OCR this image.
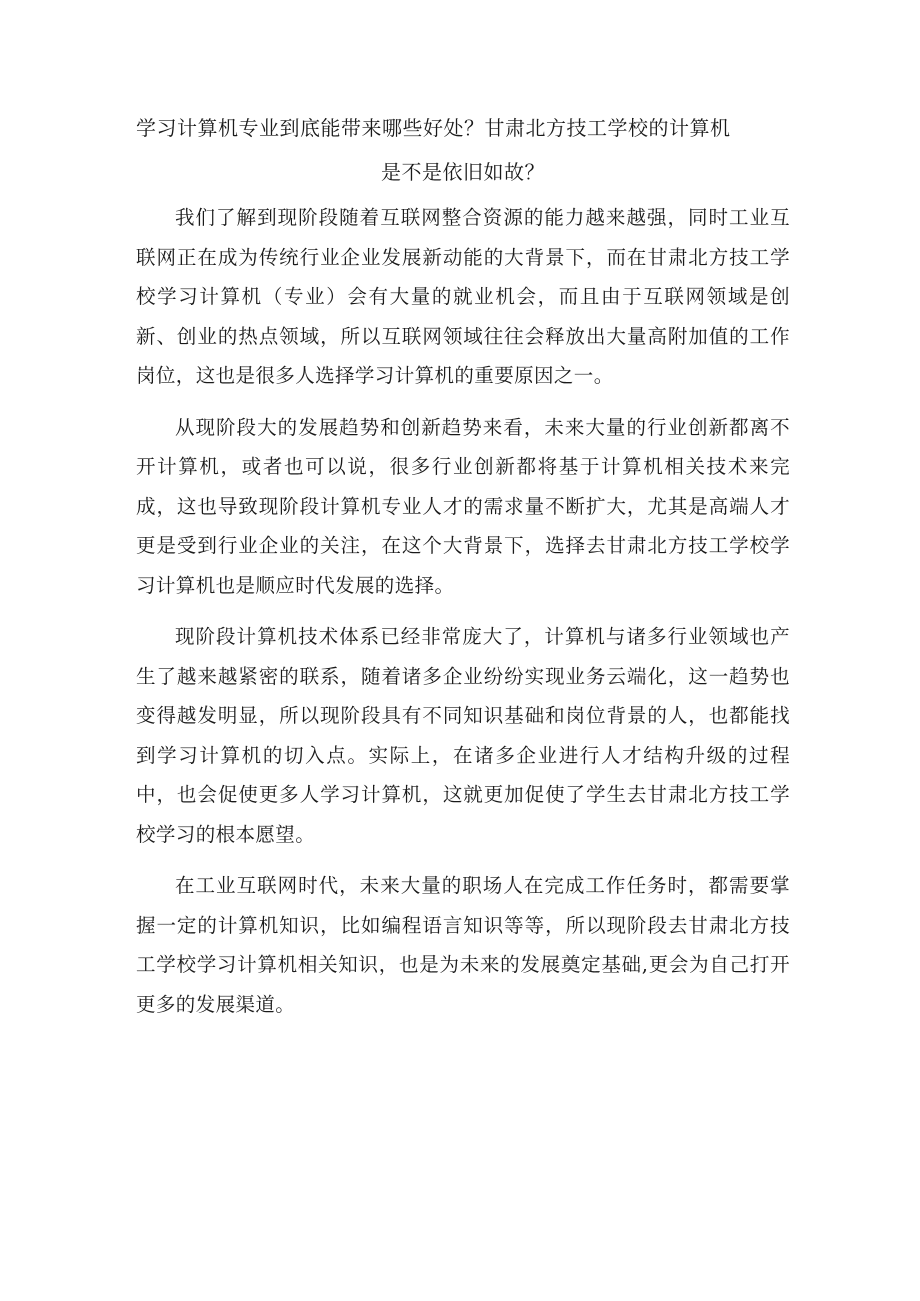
学习计算机专业到底能带来哪些好处？甘肃北方技工学校的计算机
是不是依旧如故？

我们了解到现阶段随着互联网整合资源的能力越来越强，同时工业互联网正在成为传统行业企业发展新动能的大背景下，而在甘肃北方技工学校学习计算机（专业）会有大量的就业机会，而且由于互联网领域是创新、创业的热点领域，所以互联网领域往往会释放出大量高附加值的工作岗位，这也是很多人选择学习计算机的重要原因之一。

从现阶段大的发展趋势和创新趋势来看，未来大量的行业创新都离不开计算机，或者也可以说，很多行业创新都将基于计算机相关技术来完成，这也导致现阶段计算机专业人才的需求量不断扩大，尤其是高端人才更是受到行业企业的关注，在这个大背景下，选择去甘肃北方技工学校学习计算机也是顺应时代发展的选择。

现阶段计算机技术体系已经非常庞大了，计算机与诸多行业领域也产生了越来越紧密的联系，随着诸多企业纷纷实现业务云端化，这一趋势也变得越发明显，所以现阶段具有不同知识基础和岗位背景的人，也都能找到学习计算机的切入点。实际上，在诸多企业进行人才结构升级的过程中，也会促使更多人学习计算机，这就更加促使了学生去甘肃北方技工学校学习的根本愿望。

在工业互联网时代，未来大量的职场人在完成工作任务时，都需要掌握一定的计算机知识，比如编程语言知识等等，所以现阶段去甘肃北方技工学校学习计算机相关知识，也是为未来的发展奠定基础,更会为自己打开更多的发展渠道。
